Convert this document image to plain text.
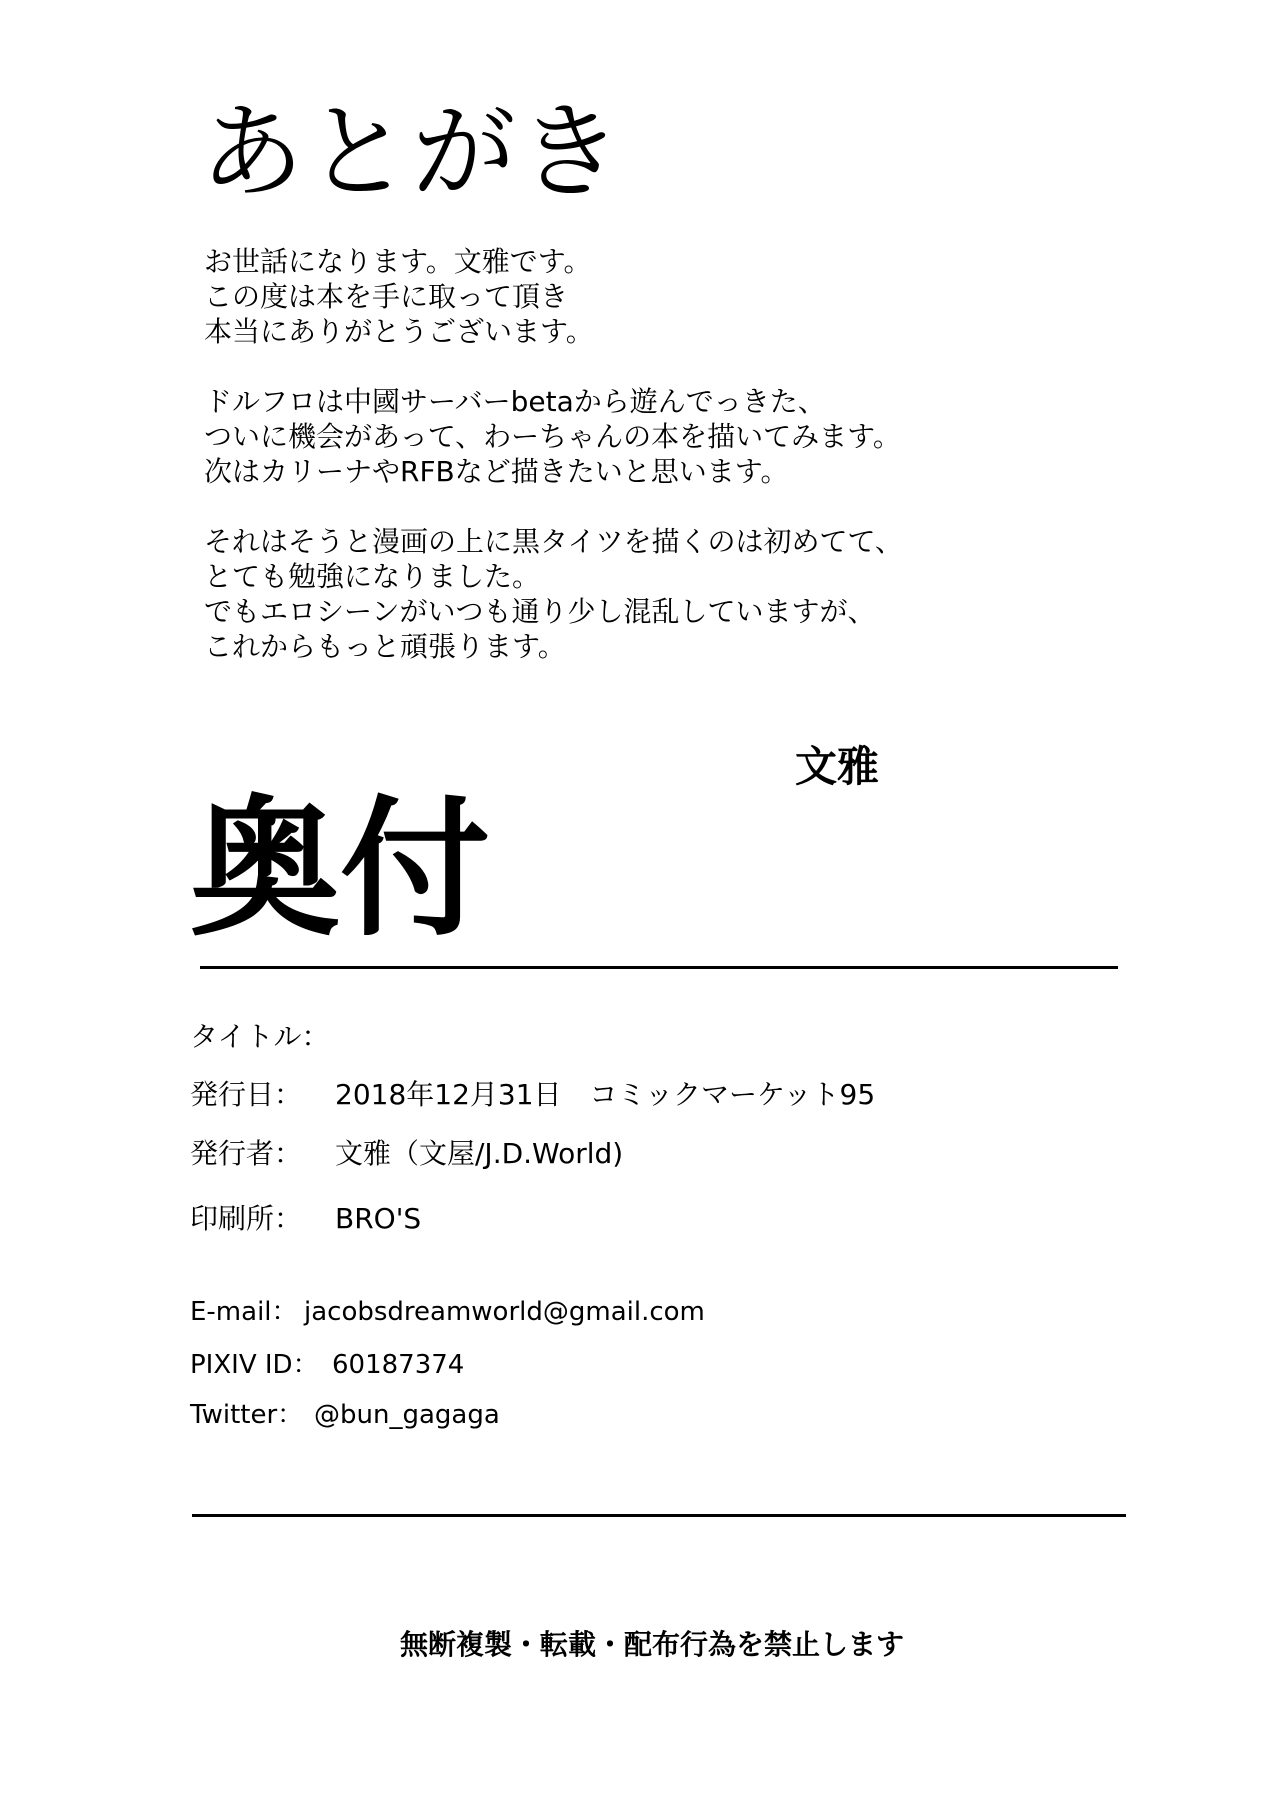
あとがき

お世話になります。文雅です。
この度は本を手に取って頂き
本当にありがとうございます。

ドルフロは中國サーバーbetaから遊んでっきた、
ついに機会があって、わーちゃんの本を描いてみます。
次はカリーナやRFBなど描きたいと思います。

それはそうと漫画の上に黒タイツを描くのは初めてて、
とても勉強になりました。
でもエロシーンがいつも通り少し混乱していますが、
これからもっと頑張ります。

文雅
奥付
タイトル：
発行日： 2018年12月31日　コミックマーケット95
発行者： 文雅（文屋/J.D.World)
印刷所： BRO'S
E-mail： jacobsdreamworld@gmail.com
PIXIV ID： 60187374
Twitter： @bun_gagaga
無断複製・転載・配布行為を禁止します
